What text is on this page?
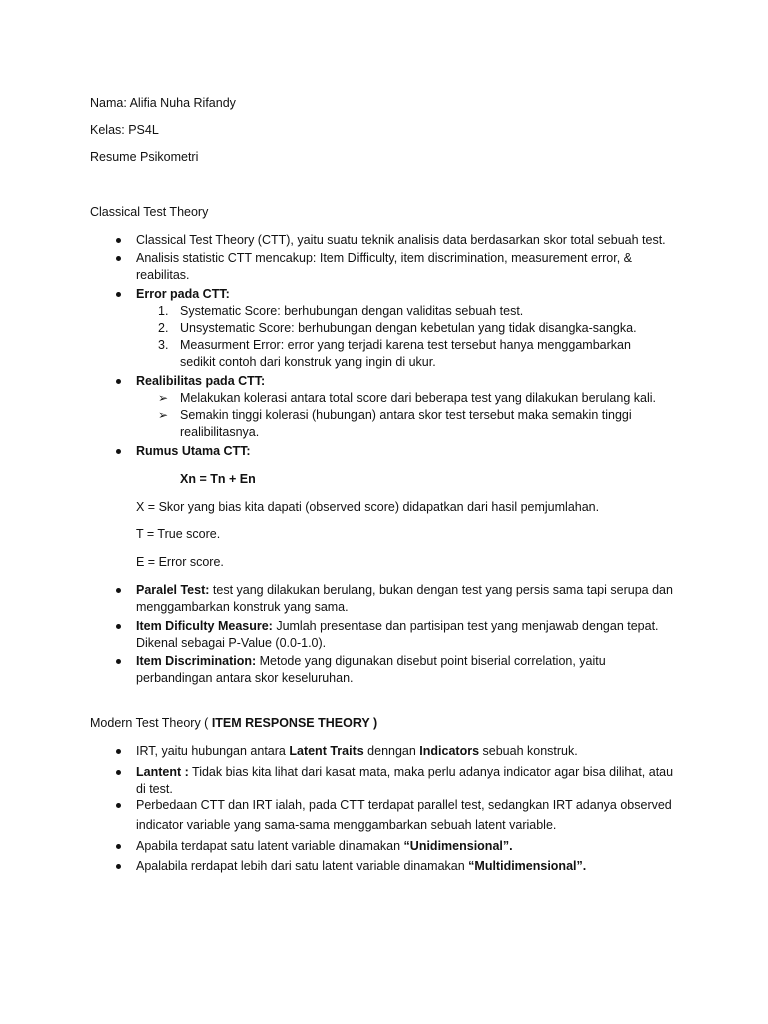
Nama: Alifia Nuha Rifandy
Kelas: PS4L
Resume Psikometri
Classical Test Theory
Classical Test Theory (CTT), yaitu suatu teknik analisis data berdasarkan skor total sebuah test.
Analisis statistic CTT mencakup: Item Difficulty, item discrimination, measurement error, &
reabilitas.
Error pada CTT:
1. Systematic Score: berhubungan dengan validitas sebuah test.
2. Unsystematic Score: berhubungan dengan kebetulan yang tidak disangka-sangka.
3. Measurment Error: error yang terjadi karena test tersebut hanya menggambarkan
sedikit contoh dari konstruk yang ingin di ukur.
Realibilitas pada CTT:
➢ Melakukan kolerasi antara total score dari beberapa test yang dilakukan berulang kali.
➢ Semakin tinggi kolerasi (hubungan) antara skor test tersebut maka semakin tinggi
realibilitasnya.
Rumus Utama CTT:
Xn = Tn + En
X = Skor yang bias kita dapati (observed score) didapatkan dari hasil pemjumlahan.
T = True score.
E = Error score.
Paralel Test: test yang dilakukan berulang, bukan dengan test yang persis sama tapi serupa dan
menggambarkan konstruk yang sama.
Item Dificulty Measure: Jumlah presentase dan partisipan test yang menjawab dengan tepat.
Dikenal sebagai P-Value (0.0-1.0).
Item Discrimination: Metode yang digunakan disebut point biserial correlation, yaitu
perbandingan antara skor keseluruhan.
Modern Test Theory ( ITEM RESPONSE THEORY )
IRT, yaitu hubungan antara Latent Traits denngan Indicators sebuah konstruk.
Lantent : Tidak bias kita lihat dari kasat mata, maka perlu adanya indicator agar bisa dilihat, atau
di test.
Perbedaan CTT dan IRT ialah, pada CTT terdapat parallel test, sedangkan IRT adanya observed
indicator variable yang sama-sama menggambarkan sebuah latent variable.
Apabila terdapat satu latent variable dinamakan “Unidimensional”.
Apalabila rerdapat lebih dari satu latent variable dinamakan “Multidimensional”.
